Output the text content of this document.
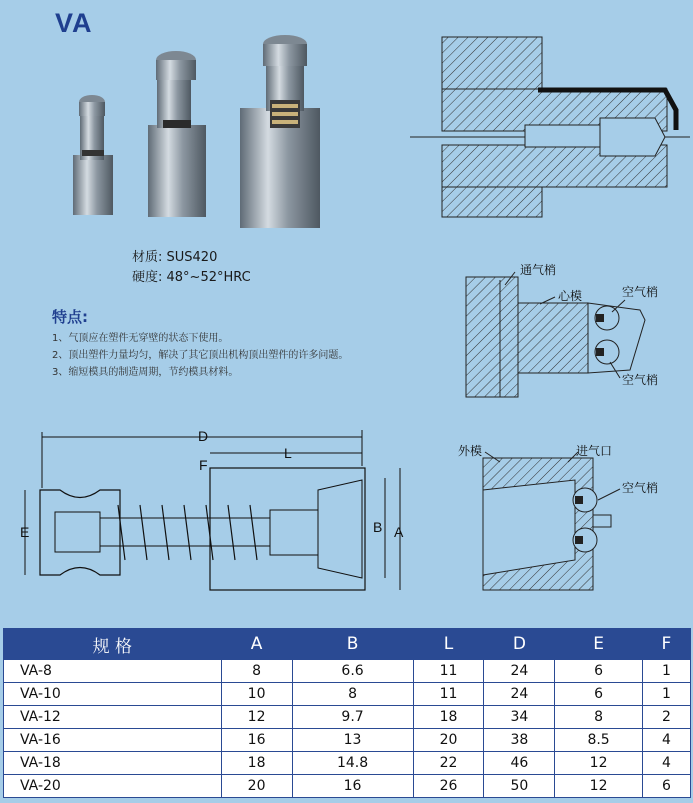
VA
通气梢
心模	空气梢
空气梢
D
L
F
E	B A
外模	进气口
空气梢
材质: SUS420
硬度: 48°~52°HRC
特点:
1、气顶应在塑件无穿壁的状态下使用。
2、顶出塑件力量均匀，解决了其它顶出机构顶出塑件的许多问题。
3、缩短模具的制造周期，节约模具材料。
规 格	A	B	L	D	E	F
VA-8	8	6.6	11	24	6	1
VA-10	10	8	11	24	6	1
VA-12	12	9.7	18	34	8	2
VA-16	16	13	20	38	8.5	4
VA-18	18	14.8	22	46	12	4
VA-20	20	16	26	50	12	6
